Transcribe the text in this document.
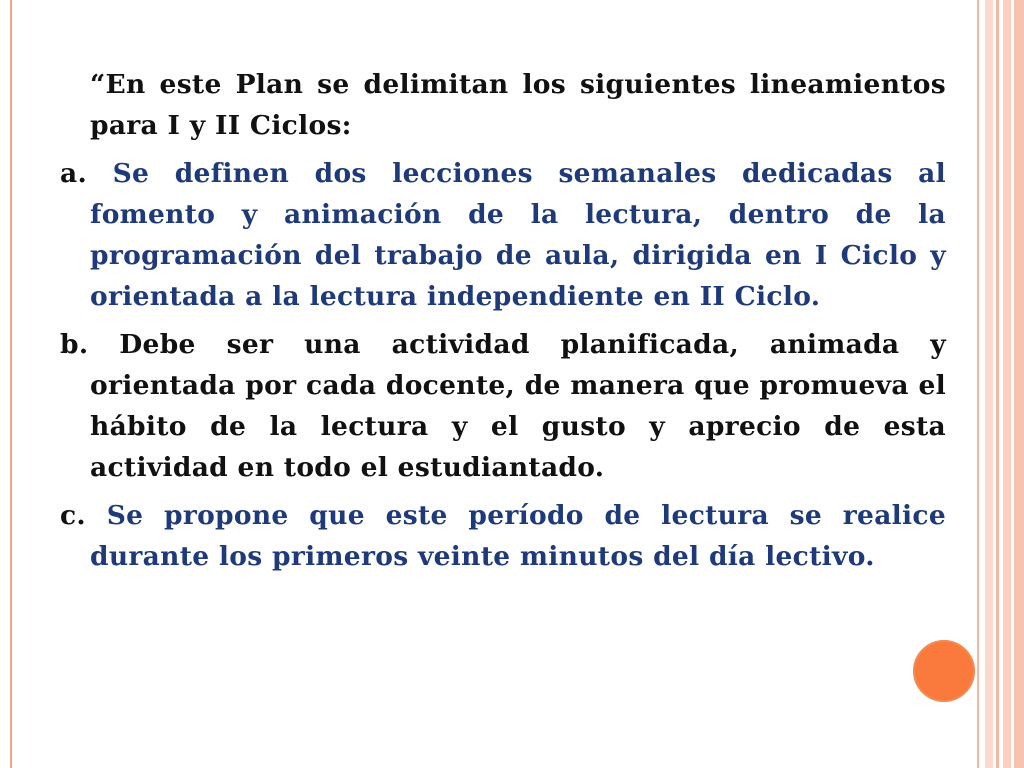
“En este Plan se delimitan los siguientes lineamientos para I y II Ciclos:

a. Se definen dos lecciones semanales dedicadas al fomento y animación de la lectura, dentro de la programación del trabajo de aula, dirigida en I Ciclo y orientada a la lectura independiente en II Ciclo.

b. Debe ser una actividad planificada, animada y orientada por cada docente, de manera que promueva el hábito de la lectura y el gusto y aprecio de esta actividad en todo el estudiantado.

c. Se propone que este período de lectura se realice durante los primeros veinte minutos del día lectivo.
